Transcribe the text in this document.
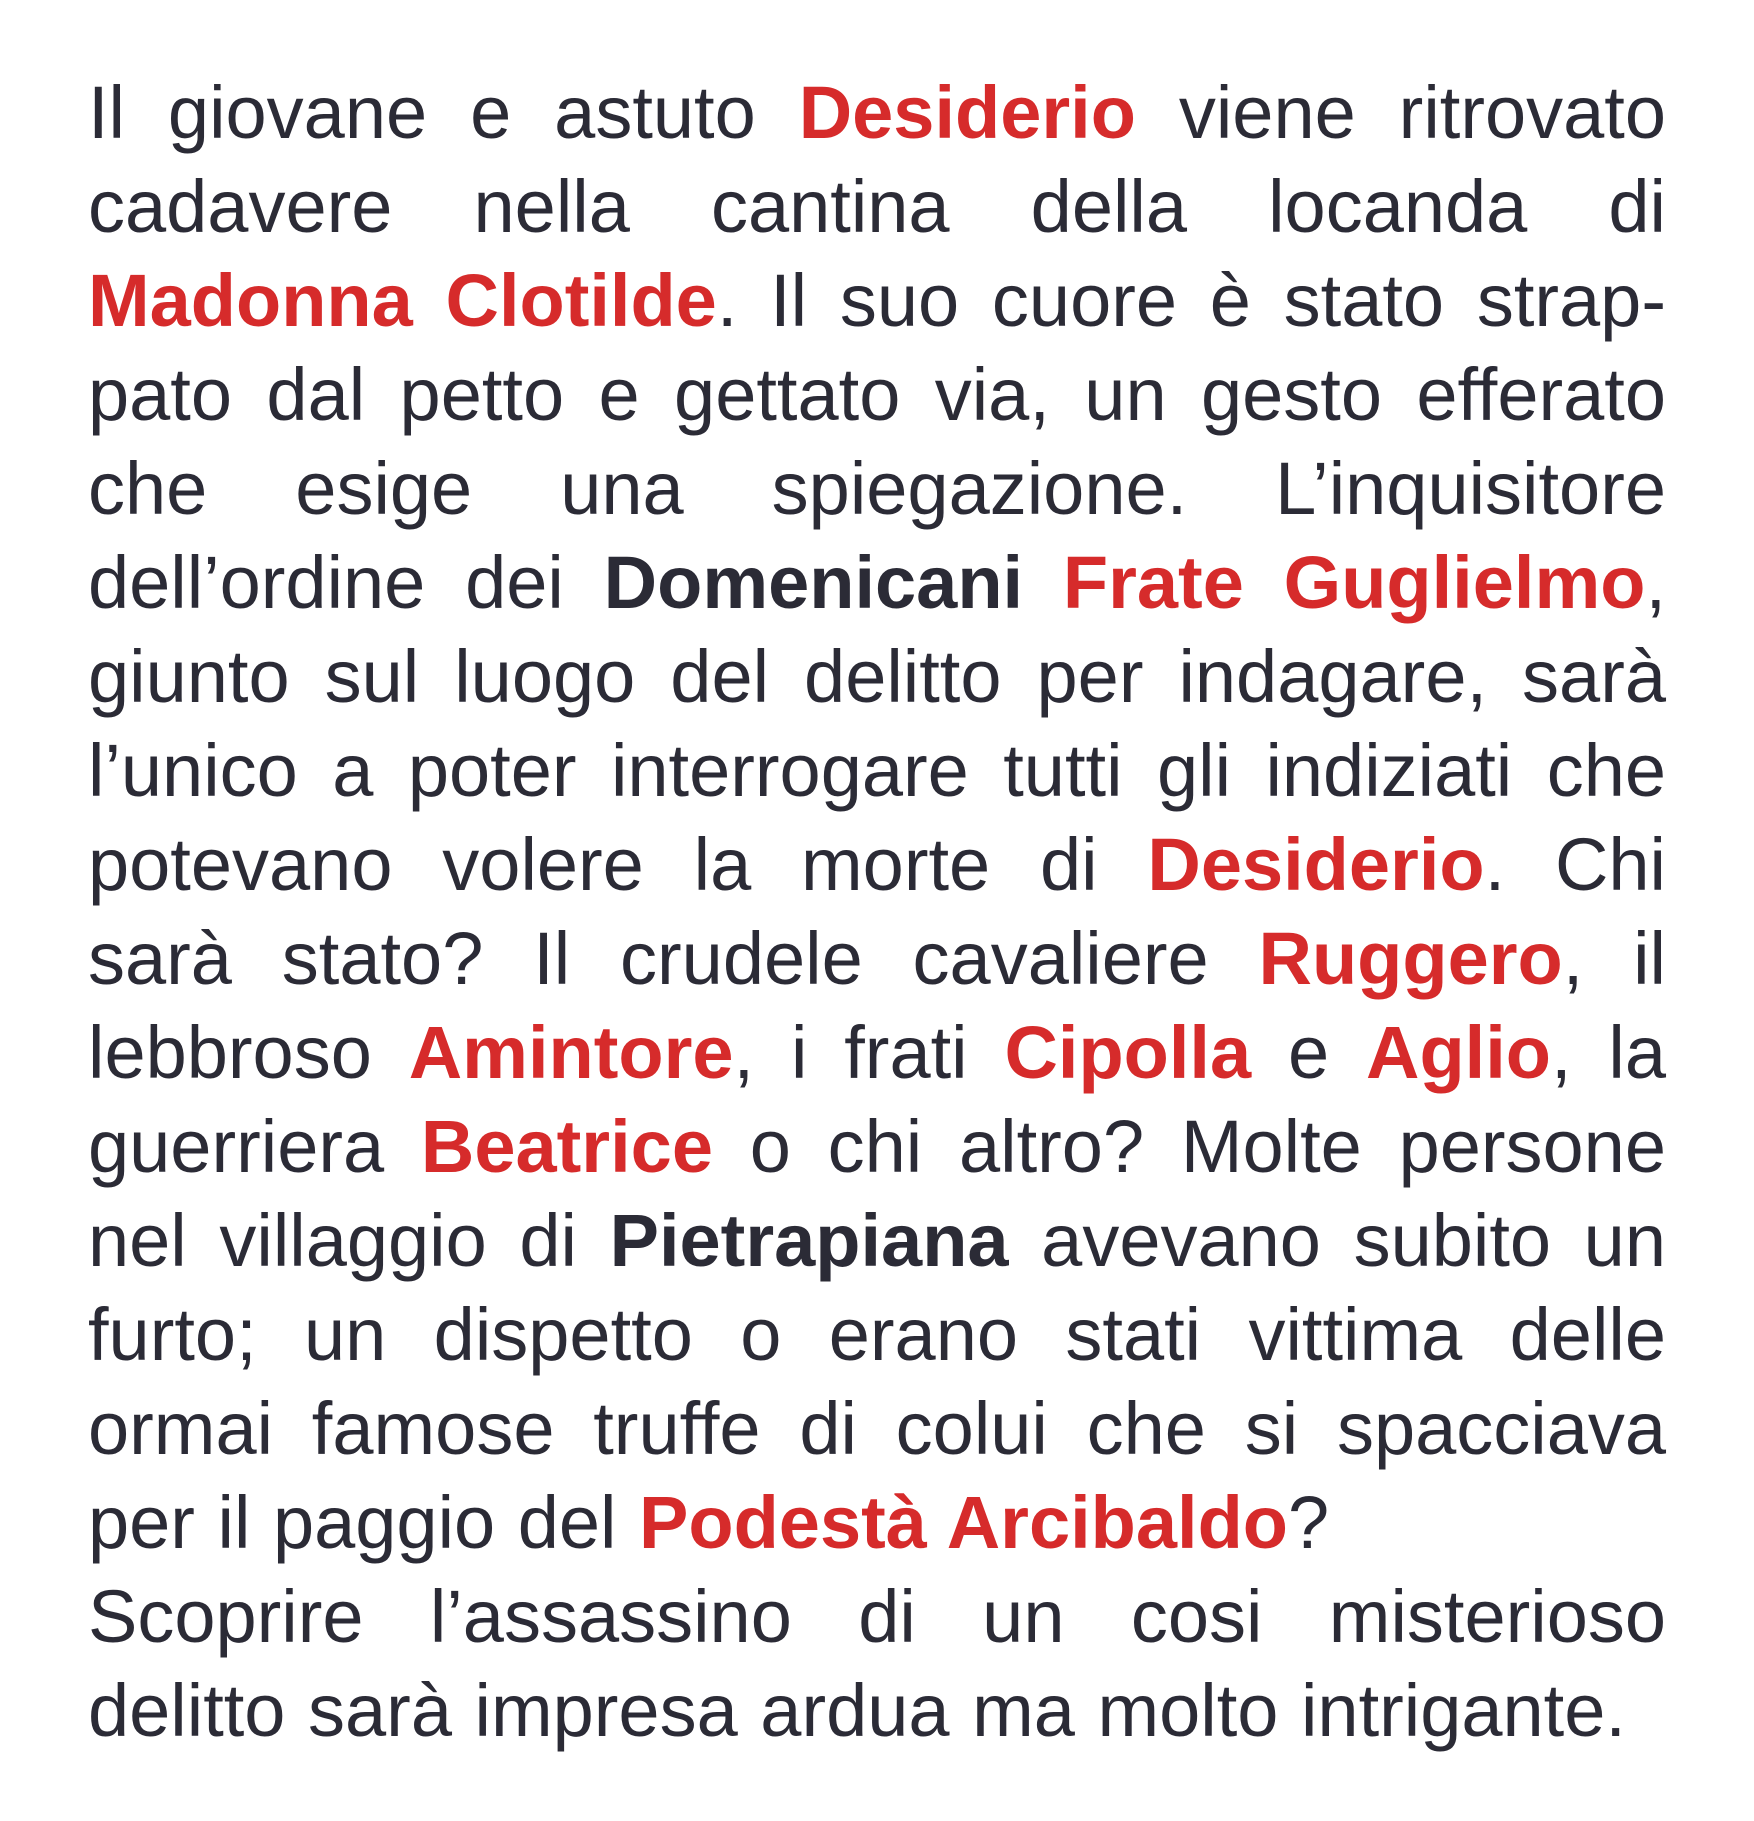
Il giovane e astuto Desiderio viene ritrovato cadavere nella cantina della locanda di Madonna Clotilde. Il suo cuore è stato strappato dal petto e gettato via, un gesto efferato che esige una spiegazione. L’inquisitore dell’ordine dei Domenicani Frate Guglielmo, giunto sul luogo del delitto per indagare, sarà l’unico a poter interrogare tutti gli indiziati che potevano volere la morte di Desiderio. Chi sarà stato? Il crudele cavaliere Ruggero, il lebbroso Amintore, i frati Cipolla e Aglio, la guerriera Beatrice o chi altro? Molte persone nel villaggio di Pietrapiana avevano subito un furto; un dispetto o erano stati vittima delle ormai famose truffe di colui che si spacciava per il paggio del Podestà Arcibaldo?

Scoprire l’assassino di un cosi misterioso delitto sarà impresa ardua ma molto intrigante.
